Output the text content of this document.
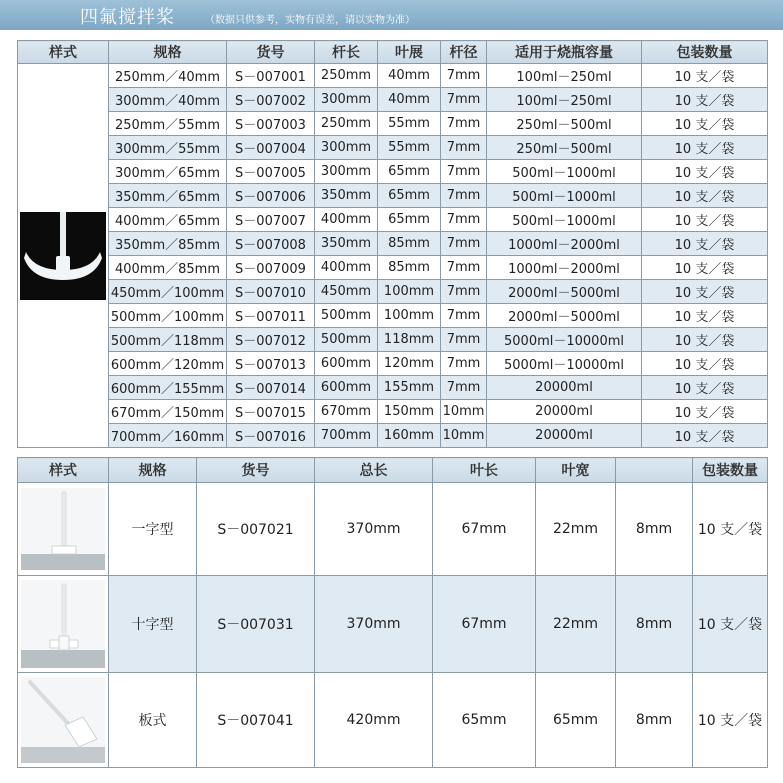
四氟搅拌桨	（数据只供参考，实物有误差，请以实物为准）
样式	规格	货号	杆长	叶展	杆径	适用于烧瓶容量	包装数量

	250mm／40mm	S－007001	250mm	40mm	7mm	100ml－250ml	10 支／袋
	300mm／40mm	S－007002	300mm	40mm	7mm	100ml－250ml	10 支／袋
	250mm／55mm	S－007003	250mm	55mm	7mm	250ml－500ml	10 支／袋
	300mm／55mm	S－007004	300mm	55mm	7mm	250ml－500ml	10 支／袋
	300mm／65mm	S－007005	300mm	65mm	7mm	500ml－1000ml	10 支／袋
	350mm／65mm	S－007006	350mm	65mm	7mm	500ml－1000ml	10 支／袋
	400mm／65mm	S－007007	400mm	65mm	7mm	500ml－1000ml	10 支／袋
	350mm／85mm	S－007008	350mm	85mm	7mm	1000ml－2000ml	10 支／袋
	400mm／85mm	S－007009	400mm	85mm	7mm	1000ml－2000ml	10 支／袋
	450mm／100mm	S－007010	450mm	100mm	7mm	2000ml－5000ml	10 支／袋
	500mm／100mm	S－007011	500mm	100mm	7mm	2000ml－5000ml	10 支／袋
	500mm／118mm	S－007012	500mm	118mm	7mm	5000ml－10000ml	10 支／袋
	600mm／120mm	S－007013	600mm	120mm	7mm	5000ml－10000ml	10 支／袋
	600mm／155mm	S－007014	600mm	155mm	7mm	20000ml	10 支／袋
	670mm／150mm	S－007015	670mm	150mm	10mm	20000ml	10 支／袋
	700mm／160mm	S－007016	700mm	160mm	10mm	20000ml	10 支／袋
样式	规格	货号	总长	叶长	叶宽		包装数量

	一字型	S－007021	370mm	67mm	22mm	8mm	10 支／袋

	十字型	S－007031	370mm	67mm	22mm	8mm	10 支／袋

	板式	S－007041	420mm	65mm	65mm	8mm	10 支／袋
